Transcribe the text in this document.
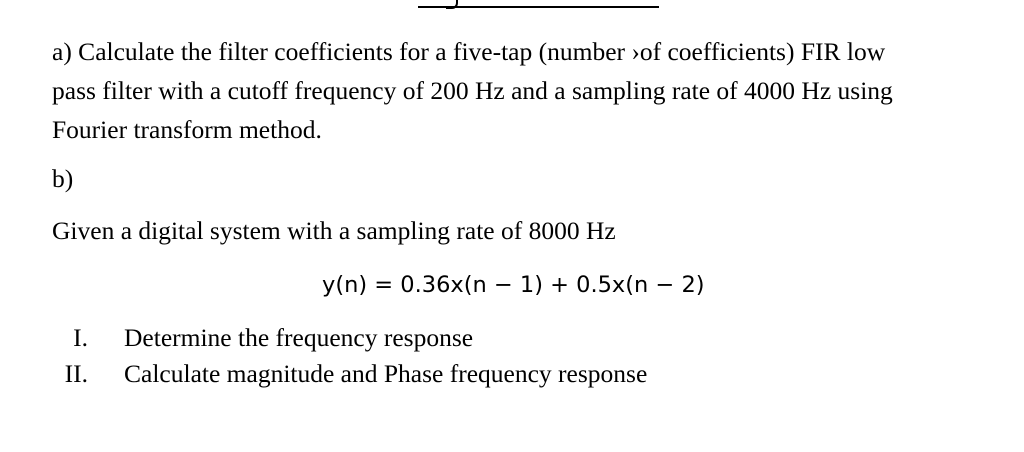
a) Calculate the filter coefficients for a five-tap (number ›of coefficients) FIR low
pass filter with a cutoff frequency of 200 Hz and a sampling rate of 4000 Hz using
Fourier transform method.
b)
Given a digital system with a sampling rate of 8000 Hz
y(n) = 0.36x(n − 1) + 0.5x(n − 2)
I. Determine the frequency response
II. Calculate magnitude and Phase frequency response
